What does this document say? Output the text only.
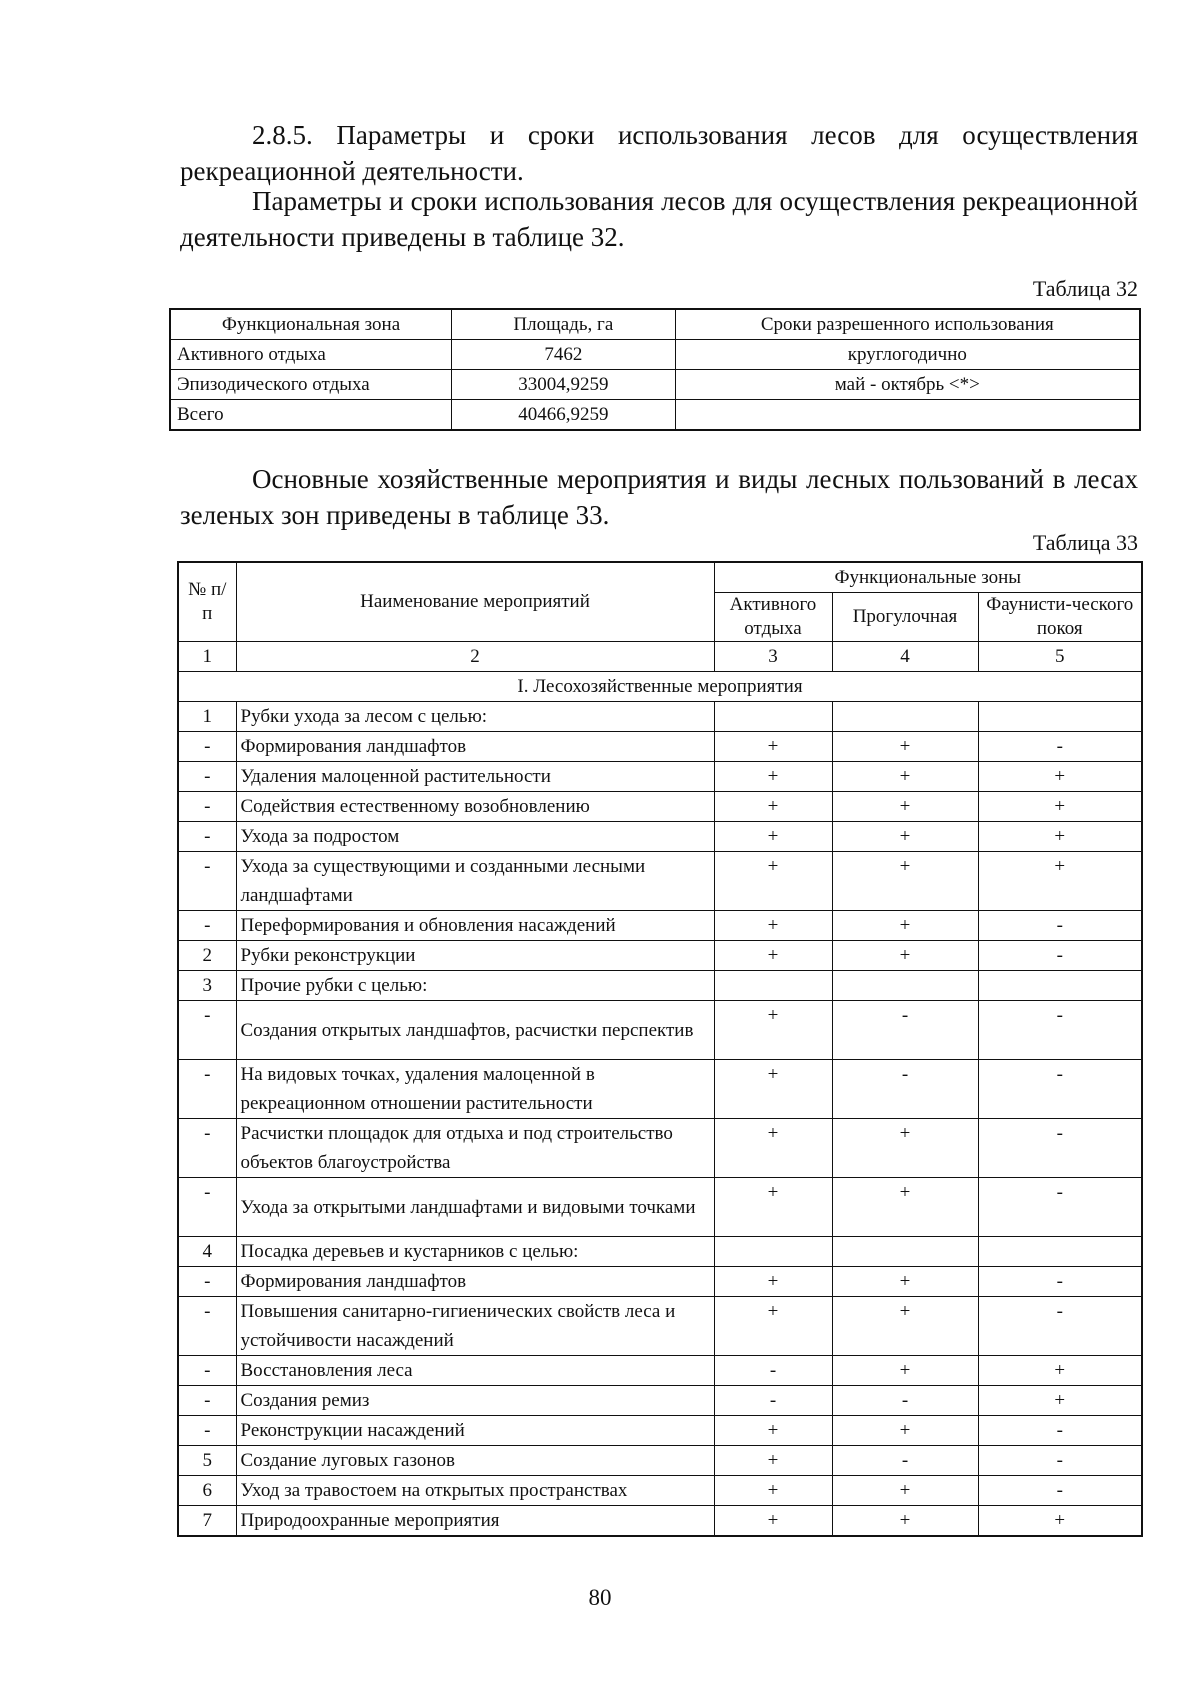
2.8.5. Параметры и сроки использования лесов для осуществления рекреационной деятельности.

Параметры и сроки использования лесов для осуществления рекреационной деятельности приведены в таблице 32.

Таблица 32
Функциональная зона	Площадь, га	Сроки разрешенного использования
Активного отдыха	7462	круглогодично
Эпизодического отдыха	33004,9259	май - октябрь <*>
Всего	40466,9259	

Основные хозяйственные мероприятия и виды лесных пользований в лесах зеленых зон приведены в таблице 33.

Таблица 33
№ п/п	Наименование мероприятий	Функциональные зоны		
		Активного отдыха	Прогулочная	Фаунисти-ческого покоя
1	2	3	4	5
I. Лесохозяйственные мероприятия				
1	Рубки ухода за лесом с целью:			
-	Формирования ландшафтов	+	+	-
-	Удаления малоценной растительности	+	+	+
-	Содействия естественному возобновлению	+	+	+
-	Ухода за подростом	+	+	+
-	Ухода за существующими и созданными лесными ландшафтами	+	+	+
-	Переформирования и обновления насаждений	+	+	-
2	Рубки реконструкции	+	+	-
3	Прочие рубки с целью:			
-	Создания открытых ландшафтов, расчистки перспектив	+	-	-
-	На видовых точках, удаления малоценной в рекреационном отношении растительности	+	-	-
-	Расчистки площадок для отдыха и под строительство объектов благоустройства	+	+	-
-	Ухода за открытыми ландшафтами и видовыми точками	+	+	-
4	Посадка деревьев и кустарников с целью:			
-	Формирования ландшафтов	+	+	-
-	Повышения санитарно-гигиенических свойств леса и устойчивости насаждений	+	+	-
-	Восстановления леса	-	+	+
-	Создания ремиз	-	-	+
-	Реконструкции насаждений	+	+	-
5	Создание луговых газонов	+	-	-
6	Уход за травостоем на открытых пространствах	+	+	-
7	Природоохранные мероприятия	+	+	+
80
